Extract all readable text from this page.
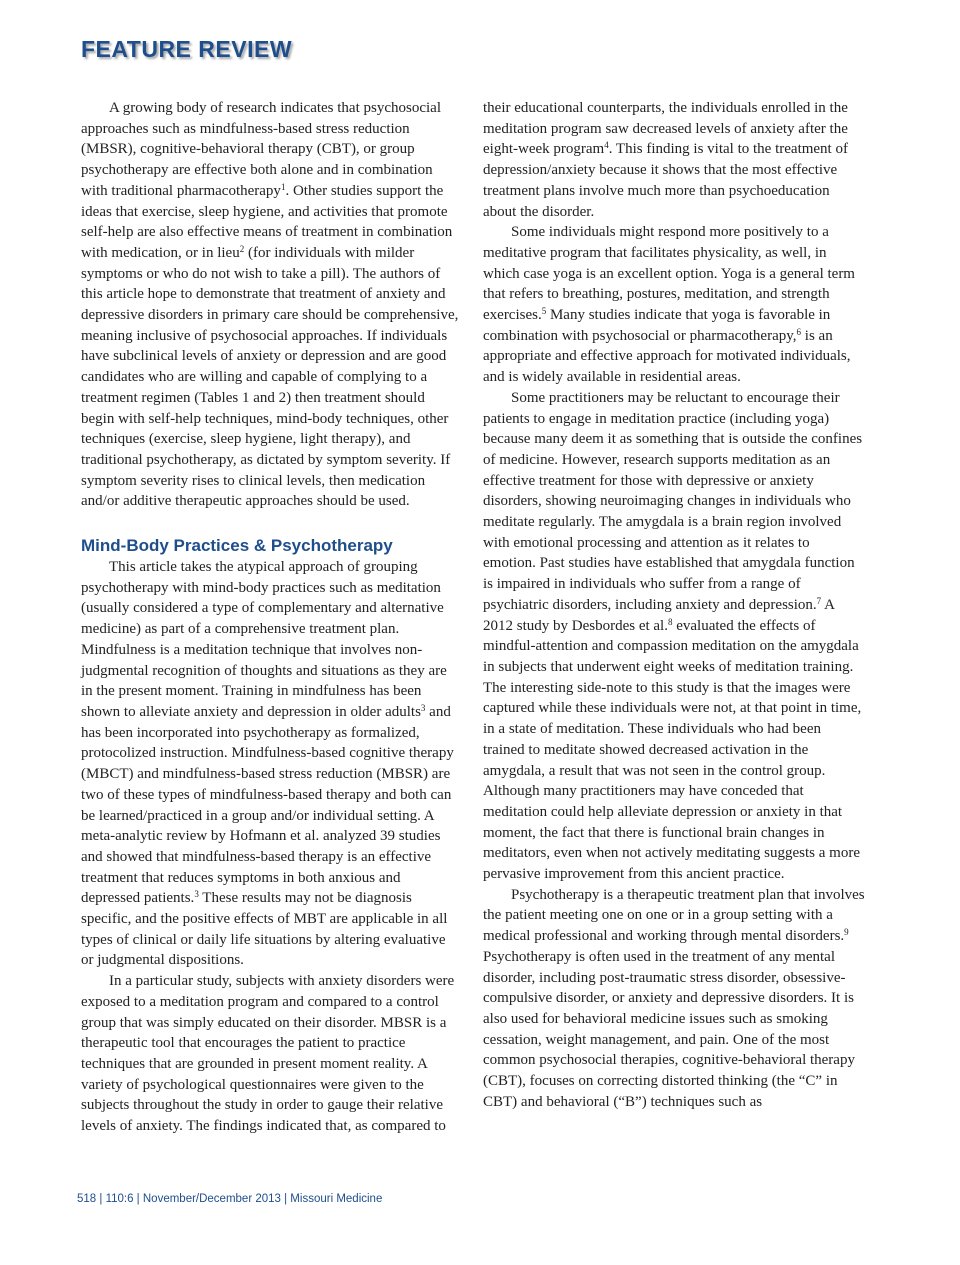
FEATURE REVIEW

A growing body of research indicates that psychosocial approaches such as mindfulness-based stress reduction (MBSR), cognitive-behavioral therapy (CBT), or group psychotherapy are effective both alone and in combination with traditional pharmacotherapy$^1$. Other studies support the ideas that exercise, sleep hygiene, and activities that promote self-help are also effective means of treatment in combination with medication, or in lieu$^2$ (for individuals with milder symptoms or who do not wish to take a pill). The authors of this article hope to demonstrate that treatment of anxiety and depressive disorders in primary care should be comprehensive, meaning inclusive of psychosocial approaches. If individuals have subclinical levels of anxiety or depression and are good candidates who are willing and capable of complying to a treatment regimen (Tables 1 and 2) then treatment should begin with self-help techniques, mind-body techniques, other techniques (exercise, sleep hygiene, light therapy), and traditional psychotherapy, as dictated by symptom severity. If symptom severity rises to clinical levels, then medication and/or additive therapeutic approaches should be used.

Mind-Body Practices & Psychotherapy

This article takes the atypical approach of grouping psychotherapy with mind-body practices such as meditation (usually considered a type of complementary and alternative medicine) as part of a comprehensive treatment plan. Mindfulness is a meditation technique that involves non-judgmental recognition of thoughts and situations as they are in the present moment. Training in mindfulness has been shown to alleviate anxiety and depression in older adults$^3$ and has been incorporated into psychotherapy as formalized, protocolized instruction. Mindfulness-based cognitive therapy (MBCT) and mindfulness-based stress reduction (MBSR) are two of these types of mindfulness-based therapy and both can be learned/practiced in a group and/or individual setting. A meta-analytic review by Hofmann et al. analyzed 39 studies and showed that mindfulness-based therapy is an effective treatment that reduces symptoms in both anxious and depressed patients.$^3$ These results may not be diagnosis specific, and the positive effects of MBT are applicable in all types of clinical or daily life situations by altering evaluative or judgmental dispositions.

In a particular study, subjects with anxiety disorders were exposed to a meditation program and compared to a control group that was simply educated on their disorder. MBSR is a therapeutic tool that encourages the patient to practice techniques that are grounded in present moment reality. A variety of psychological questionnaires were given to the subjects throughout the study in order to gauge their relative levels of anxiety. The findings indicated that, as compared to

their educational counterparts, the individuals enrolled in the meditation program saw decreased levels of anxiety after the eight-week program$^4$. This finding is vital to the treatment of depression/anxiety because it shows that the most effective treatment plans involve much more than psychoeducation about the disorder.

Some individuals might respond more positively to a meditative program that facilitates physicality, as well, in which case yoga is an excellent option. Yoga is a general term that refers to breathing, postures, meditation, and strength exercises.$^5$ Many studies indicate that yoga is favorable in combination with psychosocial or pharmacotherapy,$^6$ is an appropriate and effective approach for motivated individuals, and is widely available in residential areas.

Some practitioners may be reluctant to encourage their patients to engage in meditation practice (including yoga) because many deem it as something that is outside the confines of medicine. However, research supports meditation as an effective treatment for those with depressive or anxiety disorders, showing neuroimaging changes in individuals who meditate regularly. The amygdala is a brain region involved with emotional processing and attention as it relates to emotion. Past studies have established that amygdala function is impaired in individuals who suffer from a range of psychiatric disorders, including anxiety and depression.$^7$ A 2012 study by Desbordes et al.$^8$ evaluated the effects of mindful-attention and compassion meditation on the amygdala in subjects that underwent eight weeks of meditation training. The interesting side-note to this study is that the images were captured while these individuals were not, at that point in time, in a state of meditation. These individuals who had been trained to meditate showed decreased activation in the amygdala, a result that was not seen in the control group. Although many practitioners may have conceded that meditation could help alleviate depression or anxiety in that moment, the fact that there is functional brain changes in meditators, even when not actively meditating suggests a more pervasive improvement from this ancient practice.

Psychotherapy is a therapeutic treatment plan that involves the patient meeting one on one or in a group setting with a medical professional and working through mental disorders.$^9$ Psychotherapy is often used in the treatment of any mental disorder, including post-traumatic stress disorder, obsessive-compulsive disorder, or anxiety and depressive disorders. It is also used for behavioral medicine issues such as smoking cessation, weight management, and pain. One of the most common psychosocial therapies, cognitive-behavioral therapy (CBT), focuses on correcting distorted thinking (the “C” in CBT) and behavioral (“B”) techniques such as

518 | 110:6 | November/December 2013 | Missouri Medicine
